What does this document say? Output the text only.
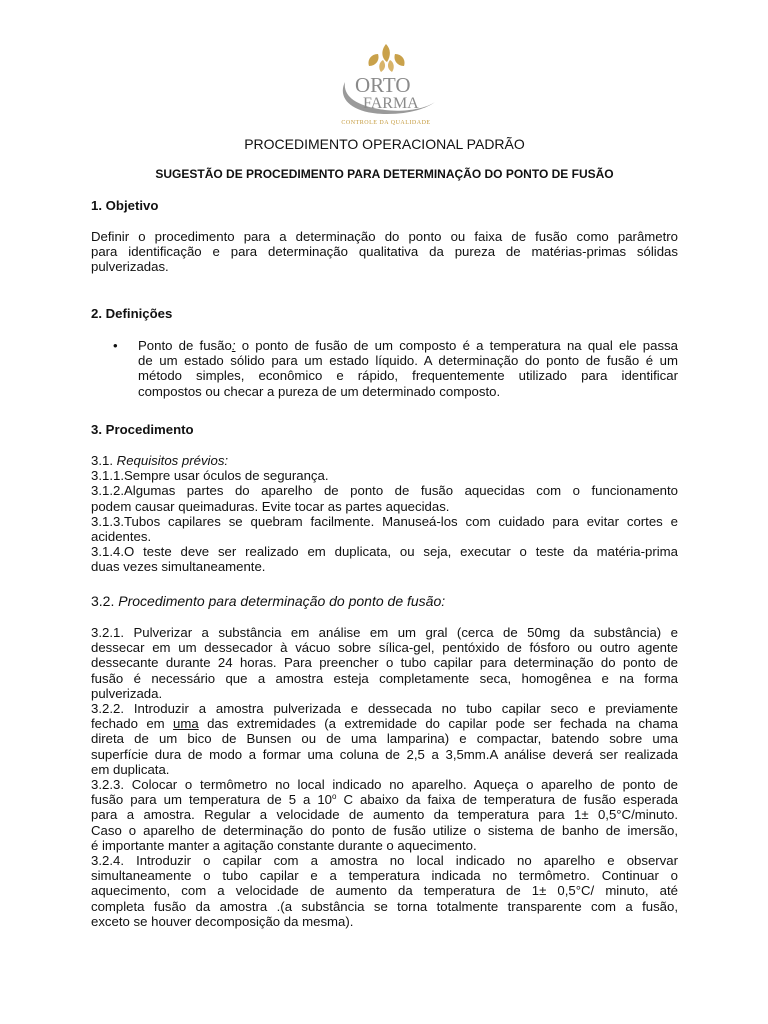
ORTO
FARMA
CONTROLE DA QUALIDADE
PROCEDIMENTO OPERACIONAL PADRÃO
SUGESTÃO DE PROCEDIMENTO PARA DETERMINAÇÃO DO PONTO DE FUSÃO
1. Objetivo
Definir o procedimento para a determinação do ponto ou faixa de fusão como parâmetro
para identificação e para determinação qualitativa da pureza de matérias-primas sólidas
pulverizadas.
2. Definições
• Ponto de fusão: o ponto de fusão de um composto é a temperatura na qual ele passa
de um estado sólido para um estado líquido. A determinação do ponto de fusão é um
método simples, econômico e rápido, frequentemente utilizado para identificar
compostos ou checar a pureza de um determinado composto.
3. Procedimento
3.1. Requisitos prévios:
3.1.1.Sempre usar óculos de segurança.
3.1.2.Algumas partes do aparelho de ponto de fusão aquecidas com o funcionamento
podem causar queimaduras. Evite tocar as partes aquecidas.
3.1.3.Tubos capilares se quebram facilmente. Manuseá-los com cuidado para evitar cortes e
acidentes.
3.1.4.O teste deve ser realizado em duplicata, ou seja, executar o teste da matéria-prima
duas vezes simultaneamente.
3.2. Procedimento para determinação do ponto de fusão:
3.2.1. Pulverizar a substância em análise em um gral (cerca de 50mg da substância) e
dessecar em um dessecador à vácuo sobre sílica-gel, pentóxido de fósforo ou outro agente
dessecante durante 24 horas. Para preencher o tubo capilar para determinação do ponto de
fusão é necessário que a amostra esteja completamente seca, homogênea e na forma
pulverizada.
3.2.2. Introduzir a amostra pulverizada e dessecada no tubo capilar seco e previamente
fechado em uma das extremidades (a extremidade do capilar pode ser fechada na chama
direta de um bico de Bunsen ou de uma lamparina) e compactar, batendo sobre uma
superfície dura de modo a formar uma coluna de 2,5 a 3,5mm.A análise deverá ser realizada
em duplicata.
3.2.3. Colocar o termômetro no local indicado no aparelho. Aqueça o aparelho de ponto de
fusão para um temperatura de 5 a 10$^o$ C abaixo da faixa de temperatura de fusão esperada
para a amostra. Regular a velocidade de aumento da temperatura para 1± 0,5°C/minuto.
Caso o aparelho de determinação do ponto de fusão utilize o sistema de banho de imersão,
é importante manter a agitação constante durante o aquecimento.
3.2.4. Introduzir o capilar com a amostra no local indicado no aparelho e observar
simultaneamente o tubo capilar e a temperatura indicada no termômetro. Continuar o
aquecimento, com a velocidade de aumento da temperatura de 1± 0,5°C/ minuto, até
completa fusão da amostra .(a substância se torna totalmente transparente com a fusão,
exceto se houver decomposição da mesma).
